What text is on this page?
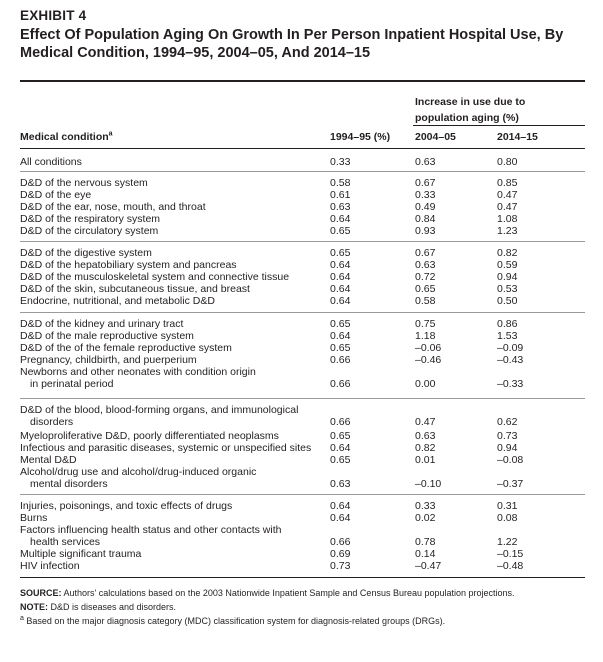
EXHIBIT 4
Effect Of Population Aging On Growth In Per Person Inpatient Hospital Use, By
Medical Condition, 1994–95, 2004–05, And 2014–15
Increase in use due to
population aging (%)
Medical condition$^a$	1994–95 (%) 2004–05	2014–15
All conditions	0.33	0.63	0.80
D&D of the nervous system	0.58	0.67	0.85
D&D of the eye	0.61	0.33	0.47
D&D of the ear, nose, mouth, and throat	0.63	0.49	0.47
D&D of the respiratory system	0.64	0.84	1.08
D&D of the circulatory system	0.65	0.93	1.23
D&D of the digestive system	0.65	0.67	0.82
D&D of the hepatobiliary system and pancreas	0.64	0.63	0.59
D&D of the musculoskeletal system and connective tissue	0.64	0.72	0.94
D&D of the skin, subcutaneous tissue, and breast	0.64	0.65	0.53
Endocrine, nutritional, and metabolic D&D	0.64	0.58	0.50
D&D of the kidney and urinary tract	0.65	0.75	0.86
D&D of the male reproductive system	0.64	1.18	1.53
D&D of the of the female reproductive system	0.65	–0.06	–0.09
Pregnancy, childbirth, and puerperium	0.66	–0.46	–0.43
Newborns and other neonates with condition origin
in perinatal period	0.66	0.00	–0.33
D&D of the blood, blood-forming organs, and immunological
disorders	0.66	0.47	0.62
Myeloproliferative D&D, poorly differentiated neoplasms	0.65	0.63	0.73
Infectious and parasitic diseases, systemic or unspecified sites 0.64	0.82	0.94
Mental D&D	0.65	0.01	–0.08
Alcohol/drug use and alcohol/drug-induced organic
mental disorders	0.63	–0.10	–0.37
Injuries, poisonings, and toxic effects of drugs	0.64	0.33	0.31
Burns	0.64	0.02	0.08
Factors influencing health status and other contacts with
health services	0.66	0.78	1.22
Multiple significant trauma	0.69	0.14	–0.15
HIV infection	0.73	–0.47	–0.48
SOURCE: Authors' calculations based on the 2003 Nationwide Inpatient Sample and Census Bureau population projections.
NOTE: D&D is diseases and disorders.
$^a$ Based on the major diagnosis category (MDC) classification system for diagnosis-related groups (DRGs).
